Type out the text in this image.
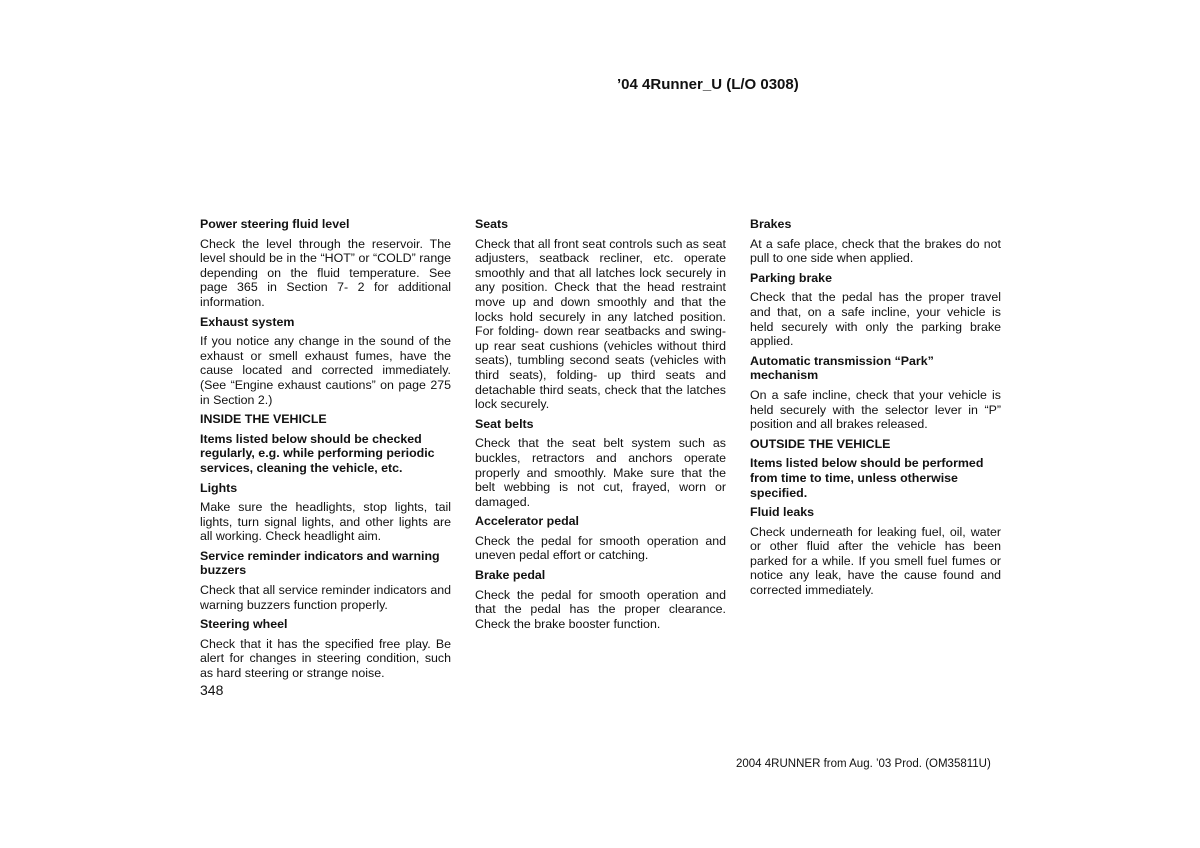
’04 4Runner_U (L/O 0308)
Power steering fluid level
Check the level through the reservoir. The level should be in the “HOT” or “COLD” range depending on the fluid temperature. See page 365 in Section 7- 2 for additional information.
Exhaust system
If you notice any change in the sound of the exhaust or smell exhaust fumes, have the cause located and corrected immediately. (See “Engine exhaust cautions” on page 275 in Section 2.)
INSIDE THE VEHICLE
Items listed below should be checked regularly, e.g. while performing periodic services, cleaning the vehicle, etc.
Lights
Make sure the headlights, stop lights, tail lights, turn signal lights, and other lights are all working. Check headlight aim.
Service reminder indicators and warning buzzers
Check that all service reminder indicators and warning buzzers function properly.
Steering wheel
Check that it has the specified free play. Be alert for changes in steering condition, such as hard steering or strange noise.
Seats
Check that all front seat controls such as seat adjusters, seatback recliner, etc. operate smoothly and that all latches lock securely in any position. Check that the head restraint move up and down smoothly and that the locks hold securely in any latched position. For folding- down rear seatbacks and swing- up rear seat cushions (vehicles without third seats), tumbling second seats (vehicles with third seats), folding- up third seats and detachable third seats, check that the latches lock securely.
Seat belts
Check that the seat belt system such as buckles, retractors and anchors operate properly and smoothly. Make sure that the belt webbing is not cut, frayed, worn or damaged.
Accelerator pedal
Check the pedal for smooth operation and uneven pedal effort or catching.
Brake pedal
Check the pedal for smooth operation and that the pedal has the proper clearance. Check the brake booster function.
Brakes
At a safe place, check that the brakes do not pull to one side when applied.
Parking brake
Check that the pedal has the proper travel and that, on a safe incline, your vehicle is held securely with only the parking brake applied.
Automatic transmission “Park” mechanism
On a safe incline, check that your vehicle is held securely with the selector lever in “P” position and all brakes released.
OUTSIDE THE VEHICLE
Items listed below should be performed from time to time, unless otherwise specified.
Fluid leaks
Check underneath for leaking fuel, oil, water or other fluid after the vehicle has been parked for a while. If you smell fuel fumes or notice any leak, have the cause found and corrected immediately.
348
2004 4RUNNER from Aug. ’03 Prod. (OM35811U)
